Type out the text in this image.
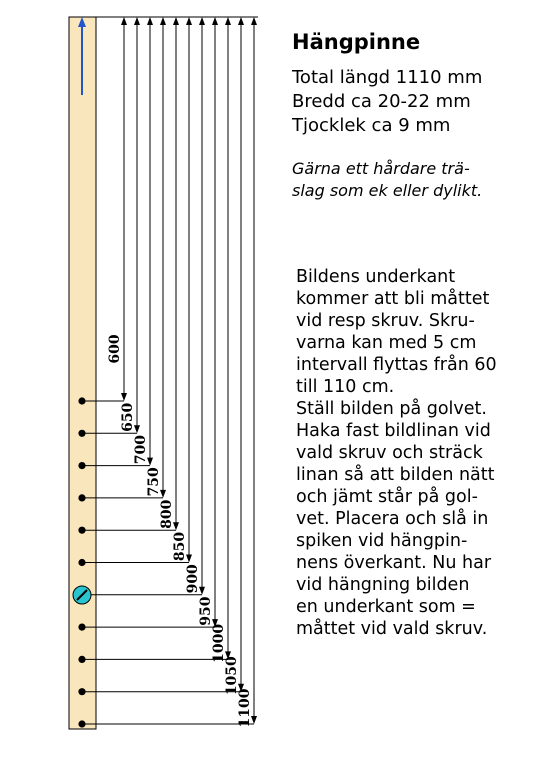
600
650
700
750
800
850
900
950
1000
1050
1100
Hängpinne
Total längd 1110 mm
Bredd ca 20-22 mm
Tjocklek ca 9 mm
Gärna ett hårdare trä-
slag som ek eller dylikt.
Bildens underkant
kommer att bli måttet
vid resp skruv. Skru-
varna kan med 5 cm
intervall flyttas från 60
till 110 cm.
Ställ bilden på golvet.
Haka fast bildlinan vid
vald skruv och sträck
linan så att bilden nätt
och jämt står på gol-
vet. Placera och slå in
spiken vid hängpin-
nens överkant. Nu har
vid hängning bilden
en underkant som =
måttet vid vald skruv.
